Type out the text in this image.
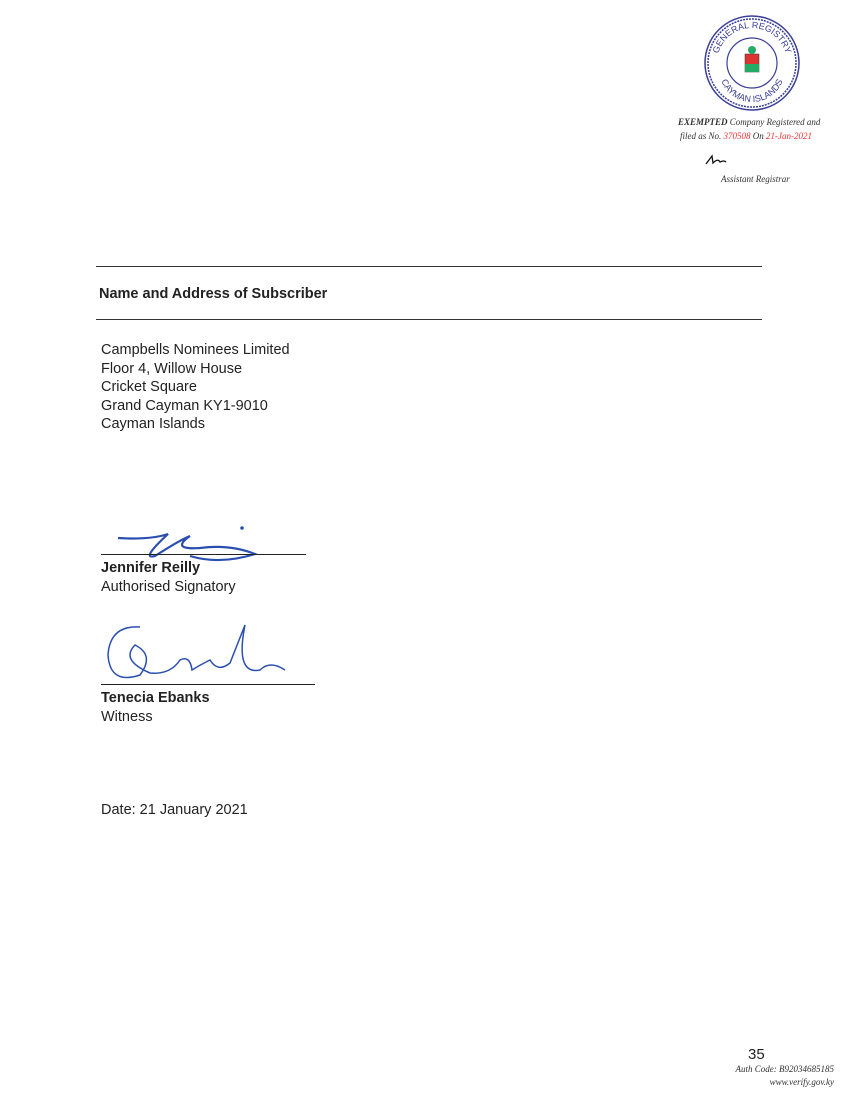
GENERAL REGISTRY
CAYMAN ISLANDS
EXEMPTED Company Registered and
filed as No. 370508 On 21-Jan-2021
Assistant Registrar
Name and Address of Subscriber
Campbells Nominees Limited
Floor 4, Willow House
Cricket Square
Grand Cayman KY1-9010
Cayman Islands
Jennifer Reilly
Authorised Signatory
Tenecia Ebanks
Witness
Date: 21 January 2021
35
Auth Code: B92034685185
www.verify.gov.ky
